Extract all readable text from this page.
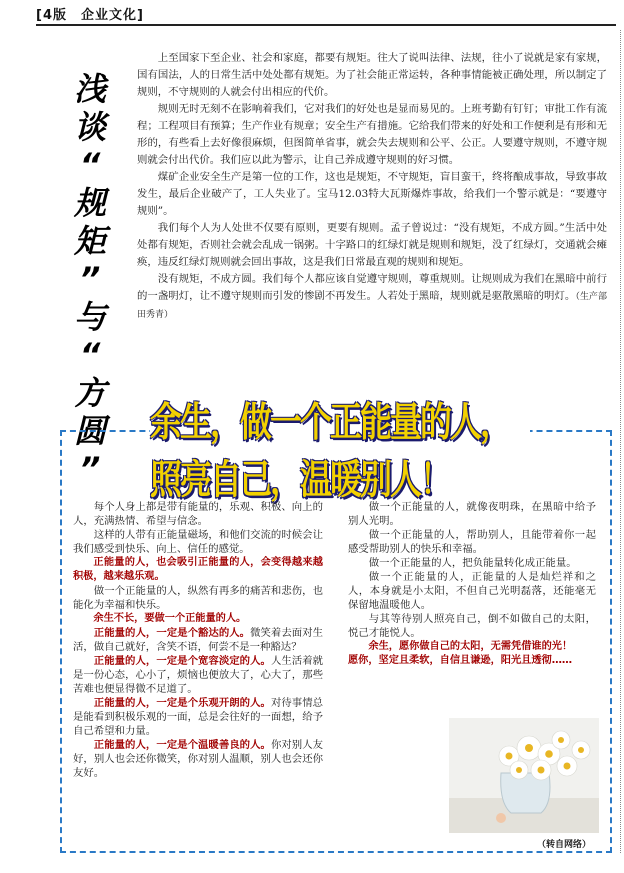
[4版 企业文化]
浅
谈
“
规
矩
”
与
“
方
圆
”

上至国家下至企业、社会和家庭，都要有规矩。往大了说叫法律、法规，往小了说就是家有家规，国有国法，人的日常生活中处处都有规矩。为了社会能正常运转，各种事情能被正确处理，所以制定了规则，不守规则的人就会付出相应的代价。

规则无时无刻不在影响着我们，它对我们的好处也是显而易见的。上班考勤有钉钉；审批工作有流程；工程项目有预算；生产作业有规章；安全生产有措施。它给我们带来的好处和工作便利是有形和无形的，有些看上去好像很麻烦，但图简单省事，就会失去规则和公平、公正。人要遵守规则，不遵守规则就会付出代价。我们应以此为警示，让自己养成遵守规则的好习惯。

煤矿企业安全生产是第一位的工作，这也是规矩，不守规矩，盲目蛮干，终将酿成事故，导致事故发生，最后企业破产了，工人失业了。宝马12.03特大瓦斯爆炸事故，给我们一个警示就是：“要遵守规则”。

我们每个人为人处世不仅要有原则，更要有规则。孟子曾说过：“没有规矩，不成方圆。”生活中处处都有规矩，否则社会就会乱成一锅粥。十字路口的红绿灯就是规则和规矩，没了红绿灯，交通就会瘫痪，违反红绿灯规则就会回出事故，这是我们日常最直观的规则和规矩。

没有规矩，不成方圆。我们每个人都应该自觉遵守规则，尊重规则。让规则成为我们在黑暗中前行的一盏明灯，让不遵守规则而引发的惨剧不再发生。人若处于黑暗，规则就是驱散黑暗的明灯。（生产部 田秀青）

余生，做一个正能量的人，照亮自己，温暖别人！

每个人身上都是带有能量的，乐观、积极、向上的人，充满热情、希望与信念。

这样的人带有正能量磁场，和他们交流的时候会让我们感受到快乐、向上、信任的感觉。

正能量的人，也会吸引正能量的人，会变得越来越积极，越来越乐观。

做一个正能量的人，纵然有再多的痛苦和悲伤，也能化为幸福和快乐。

余生不长，要做一个正能量的人。

正能量的人，一定是个豁达的人。微笑着去面对生活，做自己就好，含笑不语，何尝不是一种豁达？

正能量的人，一定是个宽容淡定的人。人生活着就是一份心态，心小了，烦恼也便放大了，心大了，那些苦难也便显得微不足道了。

正能量的人，一定是个乐观开朗的人。对待事情总是能看到积极乐观的一面，总是会往好的一面想，给予自己希望和力量。

正能量的人，一定是个温暖善良的人。你对别人友好，别人也会还你微笑，你对别人温顺，别人也会还你友好。

做一个正能量的人，就像夜明珠，在黑暗中给予别人光明。

做一个正能量的人，帮助别人，且能带着你一起感受帮助别人的快乐和幸福。

做一个正能量的人，把负能量转化成正能量。

做一个正能量的人，正能量的人是灿烂祥和之人，本身就是小太阳，不但自己光明磊落，还能毫无保留地温暖他人。

与其等待别人照亮自己，倒不如做自己的太阳，悦己才能悦人。

余生，愿你做自己的太阳，无需凭借谁的光！

愿你，坚定且柔软，自信且谦逊，阳光且透彻……

（转自网络）
